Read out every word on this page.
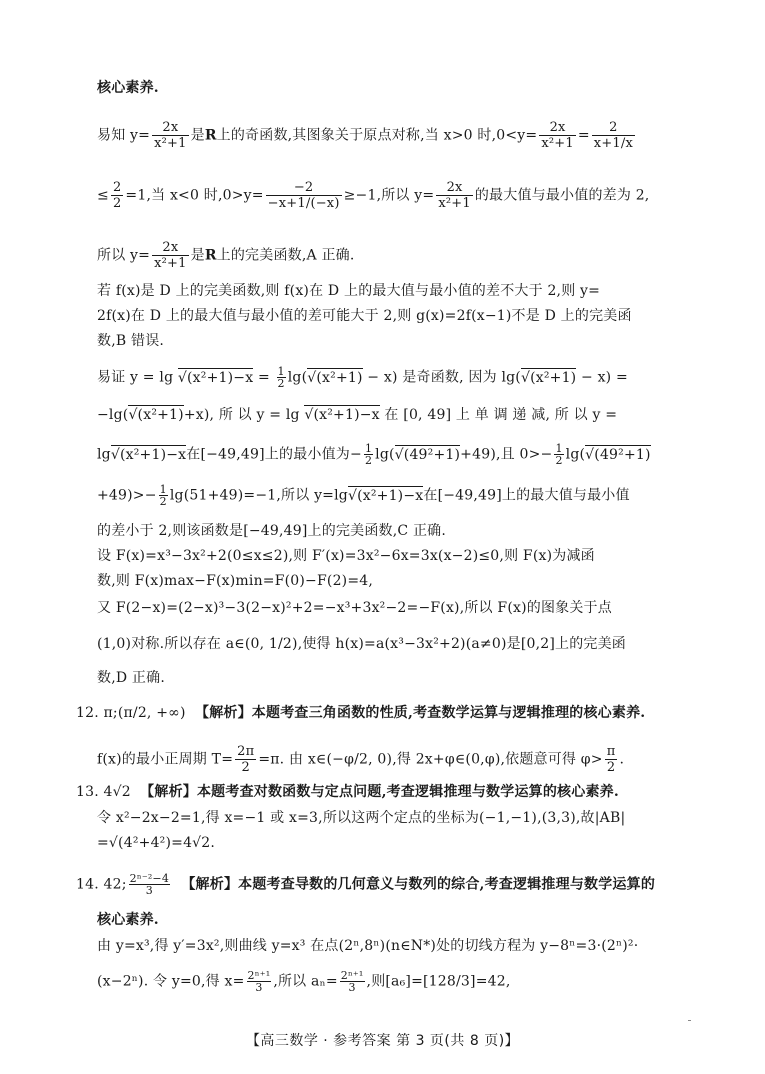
核心素养.
易知 $y= \frac{2x}{\text{x²+1}}$ 是R上的奇函数,其图象关于原点对称,当 x>0 时$,0<y= \frac{2x}{\text{x²+1}} = \frac{2}{x+1/x}$
≤ $\frac{2}{2} =1$,当 x<0 时$,0>y= \frac{-2}{-x+1/(-x)} \ge-1$,所以 $y= \frac{2x}{\text{x²+1}}$ 的最大值与最小值的差为 2,
所以 $y= \frac{2x}{\text{x²+1}}$ 是R上的完美函数,A 正确.
若 f(x)是 D 上的完美函数,则 f(x)在 D 上的最大值与最小值的差不大于 2,则 y=
2f(x)在 D 上的最大值与最小值的差可能大于 2,则 g(x)=2f(x−1)不是 D 上的完美函
数,B 错误.
易证 $y = \lg √(x^2+1)-x = \frac{1}{2} \lg(√(x^2+1) - x)$ 是奇函数, 因为 lg(√(x²+1) − x) =
−lg(√(x²+1)+x), 所 以 y = lg √(x²+1)−x 在 [0, 49] 上 单 调 递 减, 所 以 y =
lg√(x²+1)−x在[−49,49]上的最小值为− $\frac{1}{2} \lg(√(49^2+1)+49)$,且 $0>- \frac{1}{2} \lg(√(49^2+1)$
$+49)>- \frac{1}{2} \lg(51+49)=-1$,所以 y=lg√(x²+1)−x在[−49,49]上的最大值与最小值
的差小于 2,则该函数是[−49,49]上的完美函数,C 正确.
设 F(x)=x³−3x²+2(0≤x≤2),则 F′(x)=3x²−6x=3x(x−2)≤0,则 F(x)为减函
数,则 F(x)max−F(x)min=F(0)−F(2)=4,
又 F(2−x)=(2−x)³−3(2−x)²+2=−x³+3x²−2=−F(x),所以 F(x)的图象关于点
(1,0)对称.所以存在 a∈(0, 1/2),使得 h(x)=a(x³−3x²+2)(a≠0)是[0,2]上的完美函
数,D 正确.
12. π;(π/2, +∞) 【解析】本题考查三角函数的性质,考查数学运算与逻辑推理的核心素养.
f(x)的最小正周期 $T= \frac{2\pi}{2} =\pi$. 由 x∈(−φ/2, 0),得 2x+φ∈(0,φ),依题意可得 $\varphi> \frac{\pi}{2}$ .
13. 4√2 【解析】本题考查对数函数与定点问题,考查逻辑推理与数学运算的核心素养.
令 x²−2x−2=1,得 x=−1 或 x=3,所以这两个定点的坐标为(−1,−1),(3,3),故|AB|
=√(4²+4²)=4√2.
14. 42; $\frac{\text{2ⁿ⁻²−4}}{3}$ 【解析】本题考查导数的几何意义与数列的综合,考查逻辑推理与数学运算的
核心素养.
由 y=x³,得 y′=3x²,则曲线 y=x³ 在点(2ⁿ,8ⁿ)(n∈N*)处的切线方程为 y−8ⁿ=3·(2ⁿ)²·
(x−2ⁿ). 令 y=0,得 $x= \frac{\text{2ⁿ⁺¹}}{3}$ ,所以 $a_n= \frac{\text{2ⁿ⁺¹}}{3}$ ,则[a₆]=[128/3]=42,
【高三数学 · 参考答案 第 3 页(共 8 页)】
